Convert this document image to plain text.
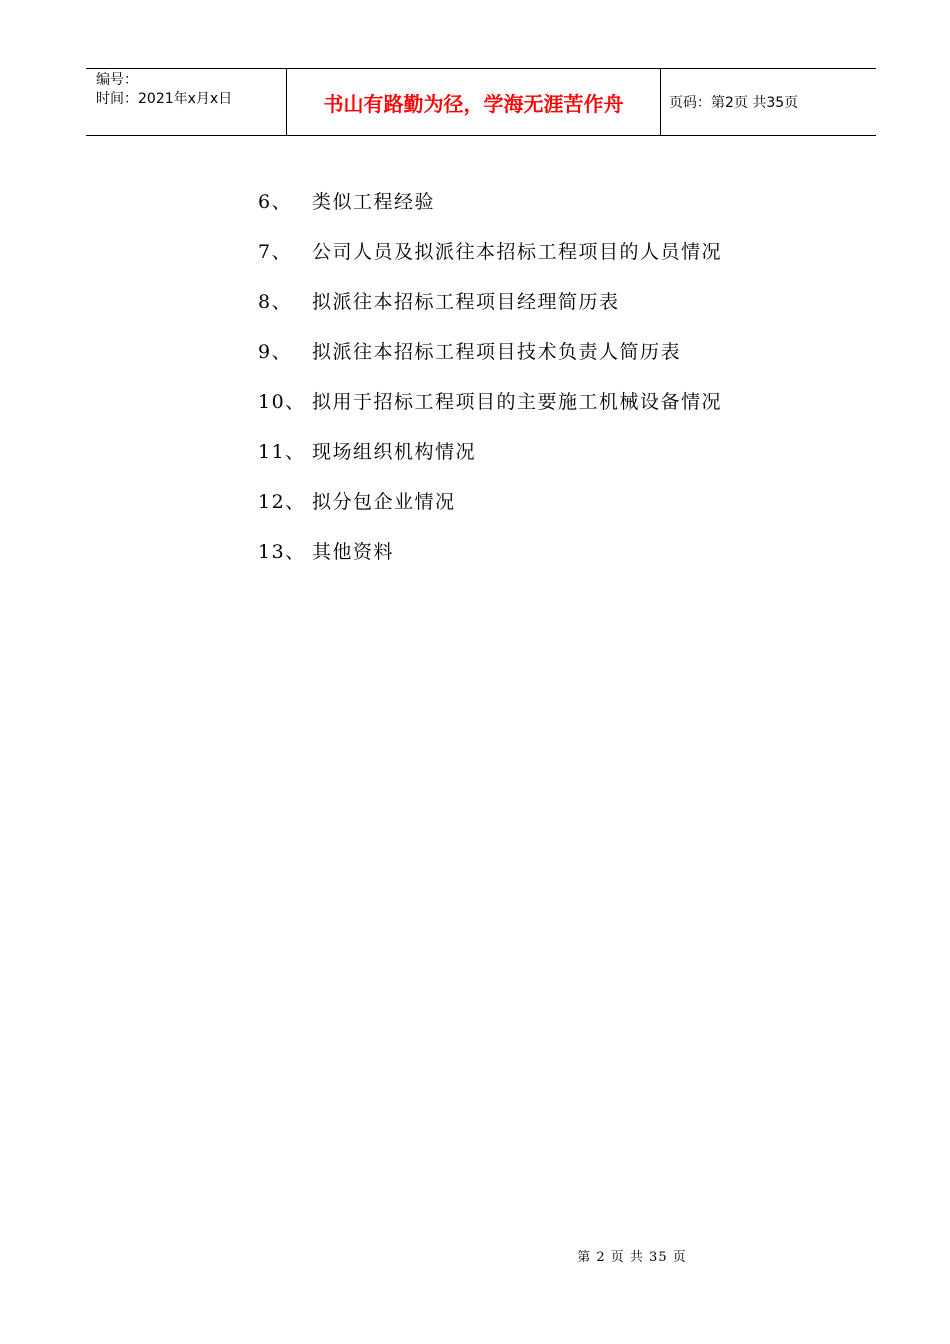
编号：
时间：2021年x月x日	书山有路勤为径，学海无涯苦作舟	页码：第2页 共35页
6、	类似工程经验
7、	公司人员及拟派往本招标工程项目的人员情况
8、	拟派往本招标工程项目经理简历表
9、	拟派往本招标工程项目技术负责人简历表
10、 拟用于招标工程项目的主要施工机械设备情况
11、 现场组织机构情况
12、 拟分包企业情况
13、 其他资料
第 2 页 共 35 页
